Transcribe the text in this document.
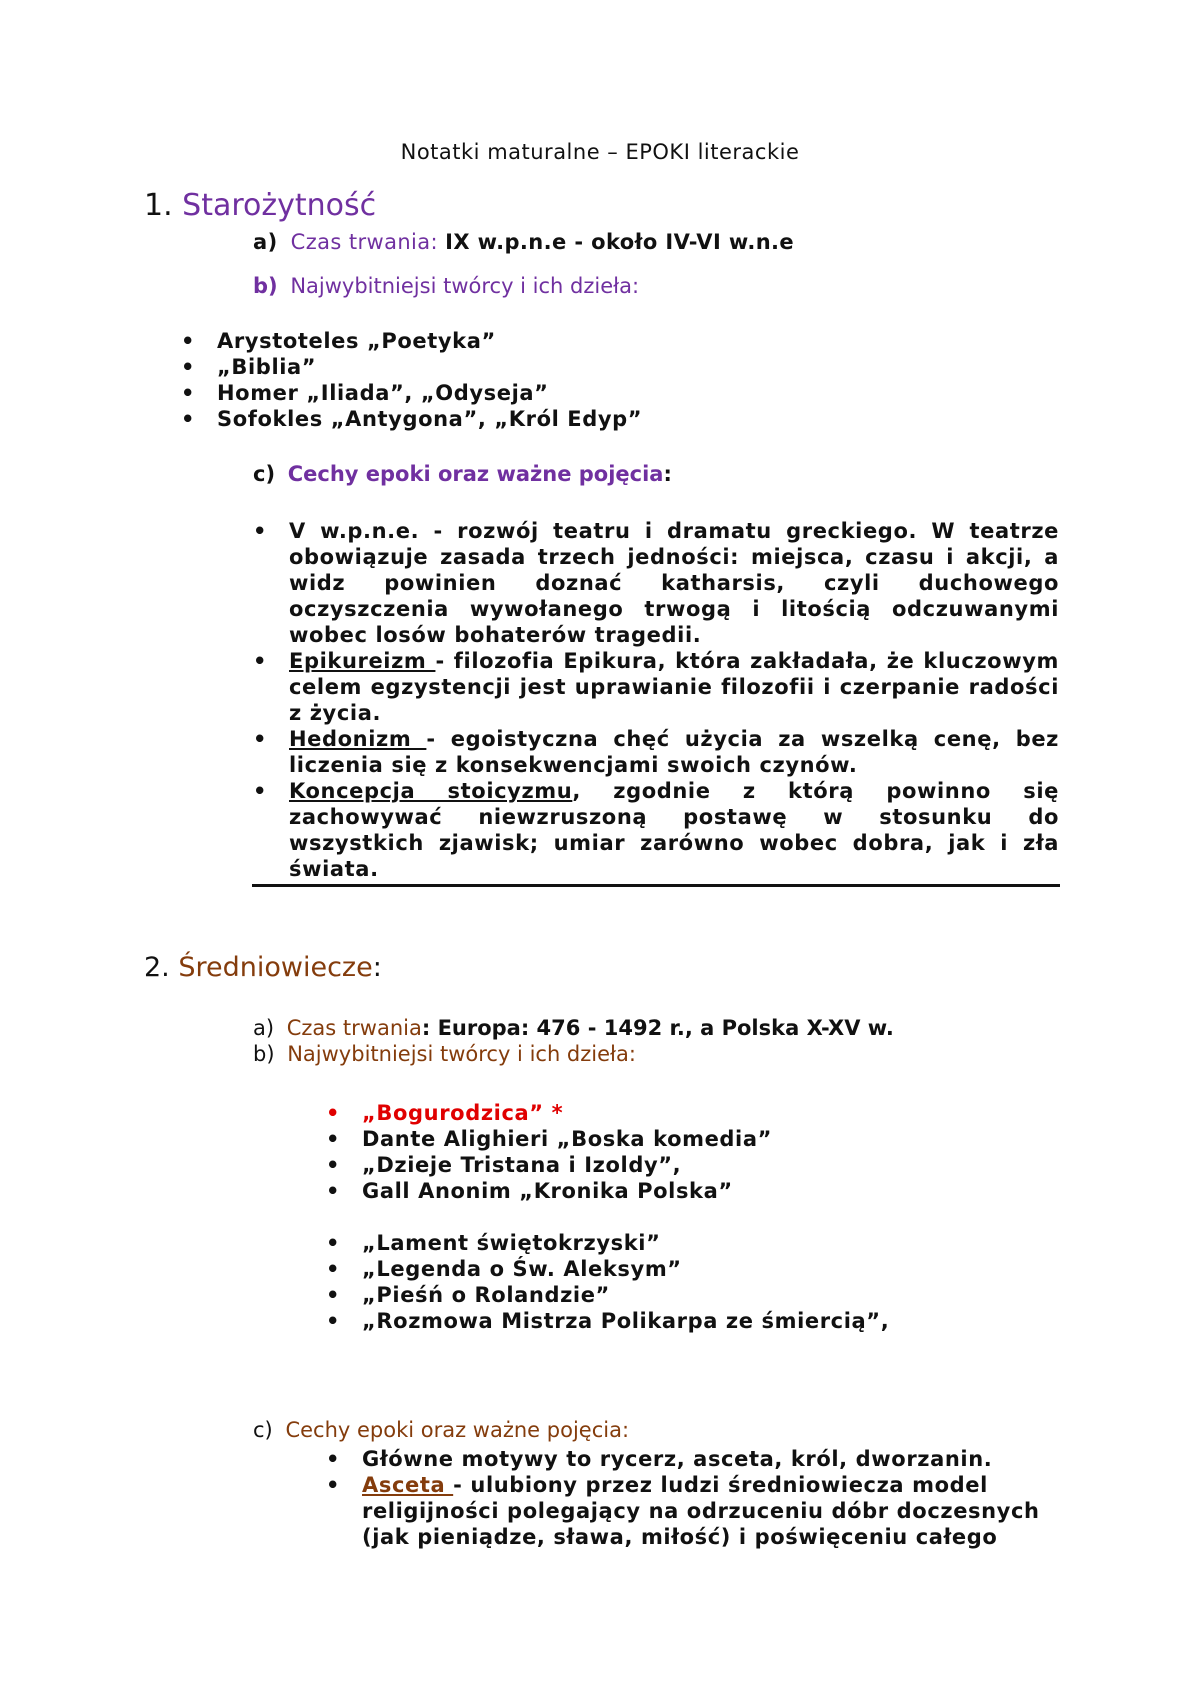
Notatki maturalne – EPOKI literackie
1. Starożytność
a) Czas trwania: IX w.p.n.e - około IV-VI w.n.e
b) Najwybitniejsi twórcy i ich dzieła:
• Arystoteles „Poetyka”
• „Biblia”
• Homer „Iliada”, „Odyseja”
• Sofokles „Antygona”, „Król Edyp”
c) Cechy epoki oraz ważne pojęcia:
• V w.p.n.e. - rozwój teatru i dramatu greckiego. W teatrze obowiązuje zasada trzech jedności: miejsca, czasu i akcji, a widz powinien doznać katharsis, czyli duchowego oczyszczenia wywołanego trwogą i litością odczuwanymi wobec losów bohaterów tragedii.
• Epikureizm - filozofia Epikura, która zakładała, że kluczowym celem egzystencji jest uprawianie filozofii i czerpanie radości z życia.
• Hedonizm - egoistyczna chęć użycia za wszelką cenę, bez liczenia się z konsekwencjami swoich czynów.
• Koncepcja stoicyzmu, zgodnie z którą powinno się zachowywać niewzruszoną postawę w stosunku do wszystkich zjawisk; umiar zarówno wobec dobra, jak i zła świata.
2. Średniowiecze:
a) Czas trwania: Europa: 476 - 1492 r., a Polska X-XV w.
b) Najwybitniejsi twórcy i ich dzieła:
• „Bogurodzica” *
• Dante Alighieri „Boska komedia”
• „Dzieje Tristana i Izoldy”,
• Gall Anonim „Kronika Polska”
• „Lament świętokrzyski”
• „Legenda o Św. Aleksym”
• „Pieśń o Rolandzie”
• „Rozmowa Mistrza Polikarpa ze śmiercią”,
c) Cechy epoki oraz ważne pojęcia:
• Główne motywy to rycerz, asceta, król, dworzanin.
• Asceta - ulubiony przez ludzi średniowiecza model religijności polegający na odrzuceniu dóbr doczesnych (jak pieniądze, sława, miłość) i poświęceniu całego
